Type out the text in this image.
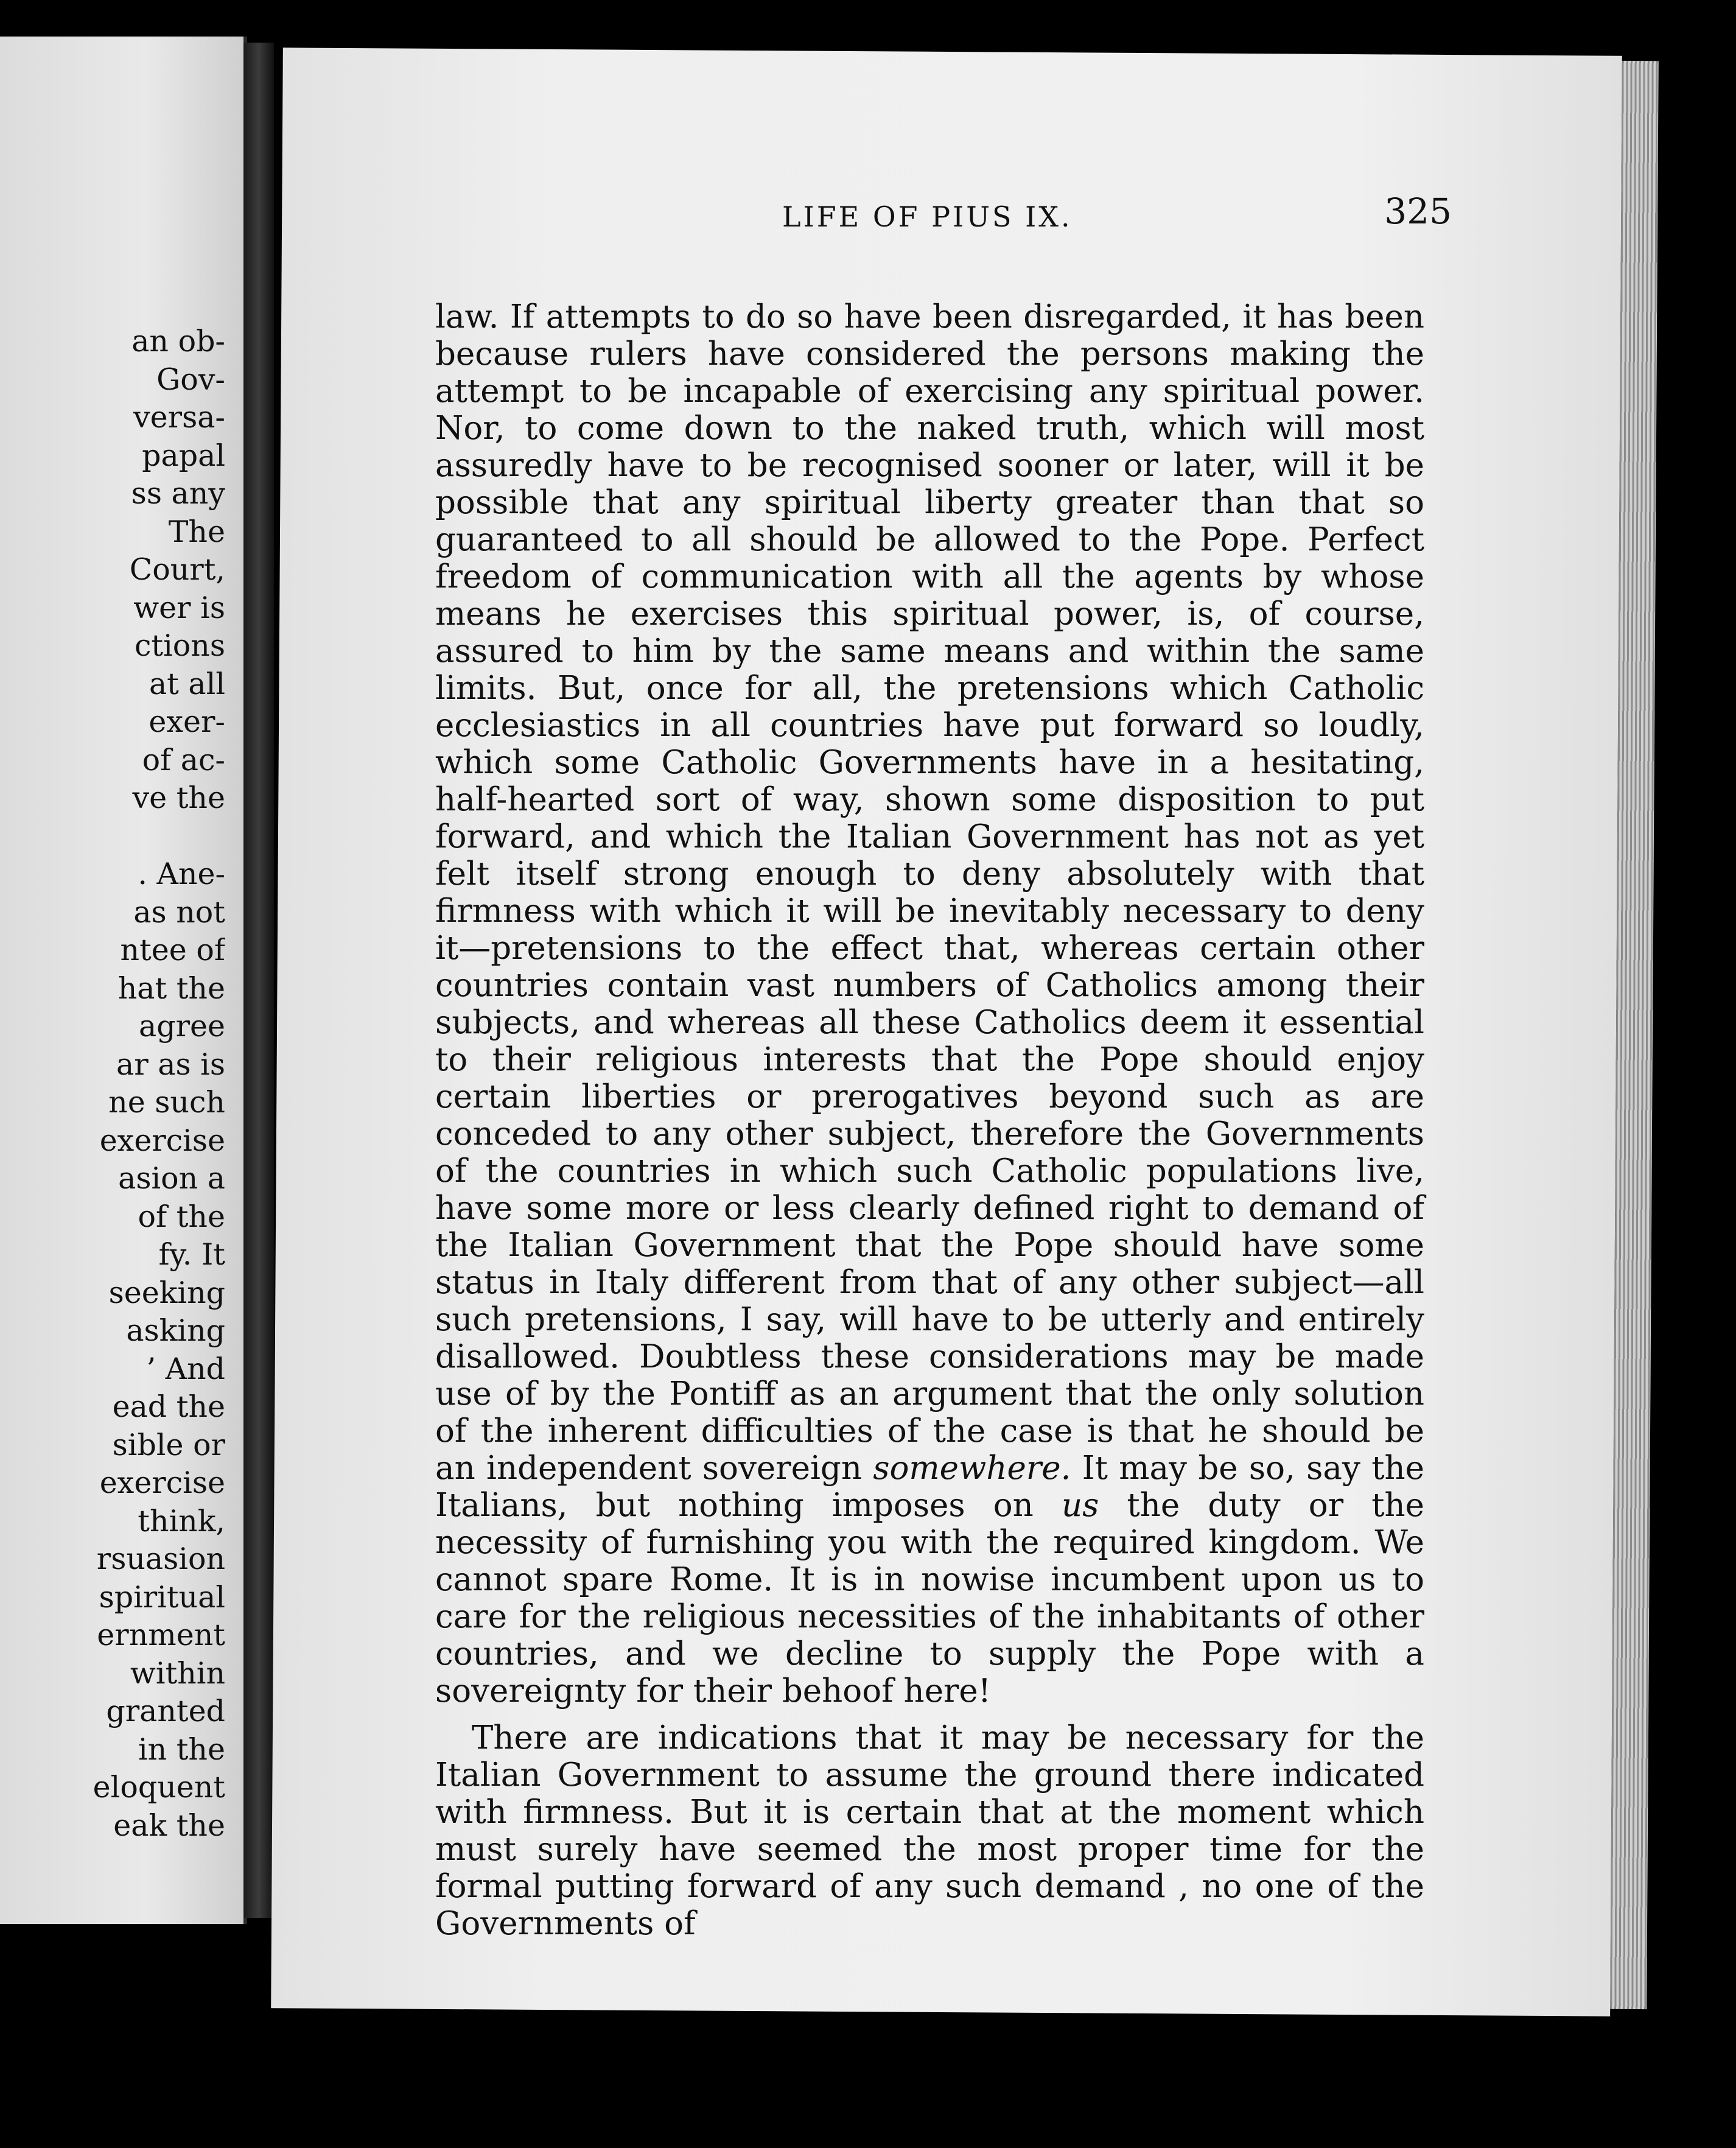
an ob-
Gov-
versa-
papal
ss any
The
Court,
wer is
ctions
at all
exer-
of ac-
ve the
. Ane-
as not
ntee of
hat the
agree
ar as is
ne such
exercise
asion a
of the
fy. It
seeking
asking
’ And
ead the
sible or
exercise
think,
rsuasion
spiritual
ernment
within
granted
in the
eloquent
eak the
LIFE OF PIUS IX.	325

law. If attempts to do so have been disregarded, it has been because rulers have considered the persons making the attempt to be incapable of exercising any spiritual power. Nor, to come down to the naked truth, which will most assuredly have to be recognised sooner or later, will it be possible that any spiritual liberty greater than that so guaranteed to all should be allowed to the Pope. Perfect freedom of communication with all the agents by whose means he exercises this spiritual power, is, of course, assured to him by the same means and within the same limits. But, once for all, the pretensions which Catholic ecclesiastics in all countries have put forward so loudly, which some Catholic Governments have in a hesitating, half-hearted sort of way, shown some disposition to put forward, and which the Italian Government has not as yet felt itself strong enough to deny absolutely with that firmness with which it will be inevitably necessary to deny it—pretensions to the effect that, whereas certain other countries contain vast numbers of Catholics among their subjects, and whereas all these Catholics deem it essential to their religious interests that the Pope should enjoy certain liberties or prerogatives beyond such as are conceded to any other subject, therefore the Governments of the countries in which such Catholic populations live, have some more or less clearly defined right to demand of the Italian Government that the Pope should have some status in Italy different from that of any other subject—all such pretensions, I say, will have to be utterly and entirely disallowed. Doubtless these considerations may be made use of by the Pontiff as an argument that the only solution of the inherent difficulties of the case is that he should be an independent sovereign somewhere. It may be so, say the Italians, but nothing imposes on us the duty or the necessity of furnishing you with the required kingdom. We cannot spare Rome. It is in nowise incumbent upon us to care for the religious necessities of the inhabitants of other countries, and we decline to supply the Pope with a sovereignty for their behoof here!

There are indications that it may be necessary for the Italian Government to assume the ground there indicated with firmness. But it is certain that at the moment which must surely have seemed the most proper time for the formal putting forward of any such demand , no one of the Governments of
